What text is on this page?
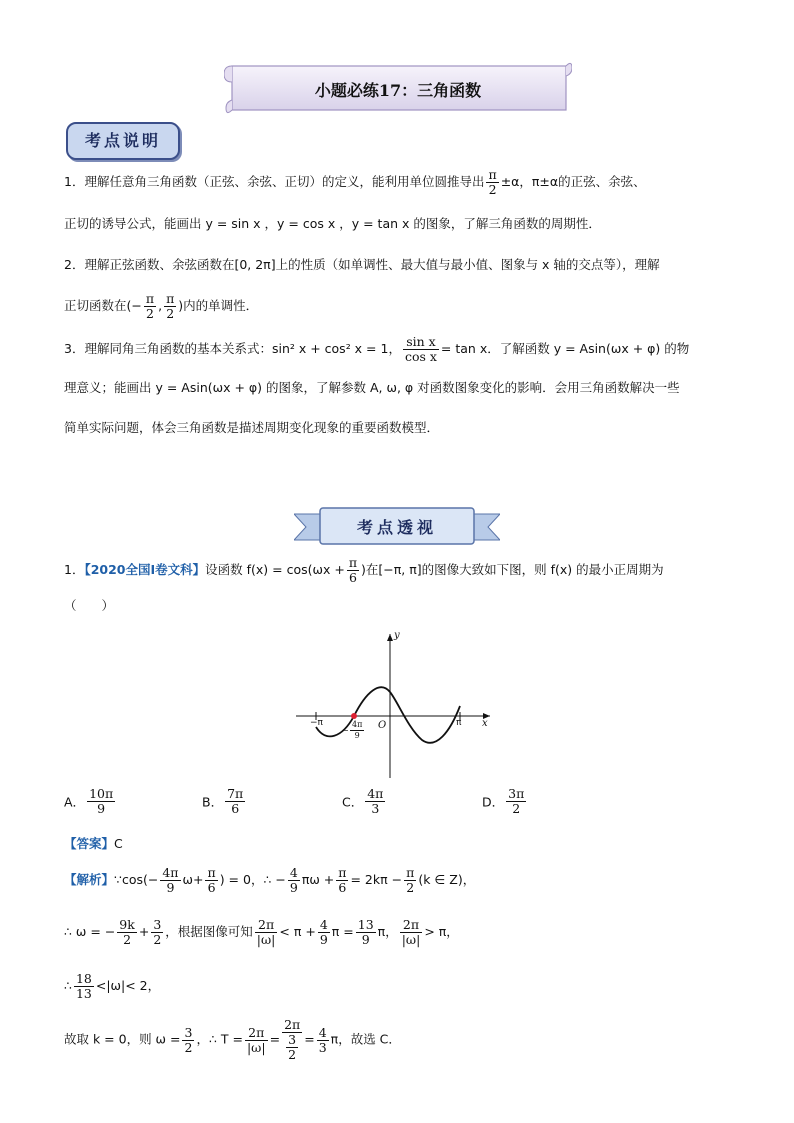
小题必练17：三角函数
考点说明
1．理解任意角三角函数（正弦、余弦、正切）的定义，能利用单位圆推导出 $\frac{\pi}{2} \pm\alpha$，π±α的正弦、余弦、
正切的诱导公式，能画出 y = sin x ，y = cos x ，y = tan x 的图象，了解三角函数的周期性．
2．理解正弦函数、余弦函数在[0, 2π]上的性质（如单调性、最大值与最小值、图象与 x 轴的交点等），理解
正切函数在(− $\frac{\pi}{2}$ , $\frac{\pi}{2}$ )内的单调性．
3．理解同角三角函数的基本关系式：sin² x + cos² x = 1， $\frac{\text{sin x}}{\text{cos x}} = \tan x$．了解函数 y = Asin(ωx + φ) 的物
理意义；能画出 y = Asin(ωx + φ) 的图象，了解参数 A, ω, φ 对函数图象变化的影响．会用三角函数解决一些
简单实际问题，体会三角函数是描述周期变化现象的重要函数模型．
考点透视
1．【2020全国Ⅰ卷文科】设函数 $f(x) = \cos(\omega x + \frac{\pi}{6}$ )在[−π, π]的图像大致如下图，则 f(x) 的最小正周期为
（　　）
y
x
O
−π	π
− $\frac{4\pi}{9}$
A． $\frac{10\pi}{9}$	B． $\frac{7\pi}{6}$	C． $\frac{4\pi}{3}$	D． $\frac{3\pi}{2}$
【答案】C
【解析】∵cos(− $\frac{4\pi}{9} \omega+ \frac{\pi}{6}$ ) = 0，∴ − $\frac{4}{9}$ $\pi\omega + \frac{\pi}{6} = 2k\pi - \frac{\pi}{2} (k$ ∈ Z)，
∴ ω = − $\frac{9k}{2} + \frac{3}{2}$ ，根据图像可知 $\frac{2\pi}{|\omega|} < \pi + \frac{4}{9}$ $\pi = \frac{13}{9}$ π， $\frac{2\pi}{|\omega|} > \pi$，
∴ $\frac{18}{13} <|\omega|< 2$，
故取 k = 0，则 $\omega = \frac{3}{2}$ ，∴ $T = \frac{2\pi}{|\omega|} = \frac{2\pi}{\frac{3}{2}} = \frac{4}{3}$ π，故选 C．
